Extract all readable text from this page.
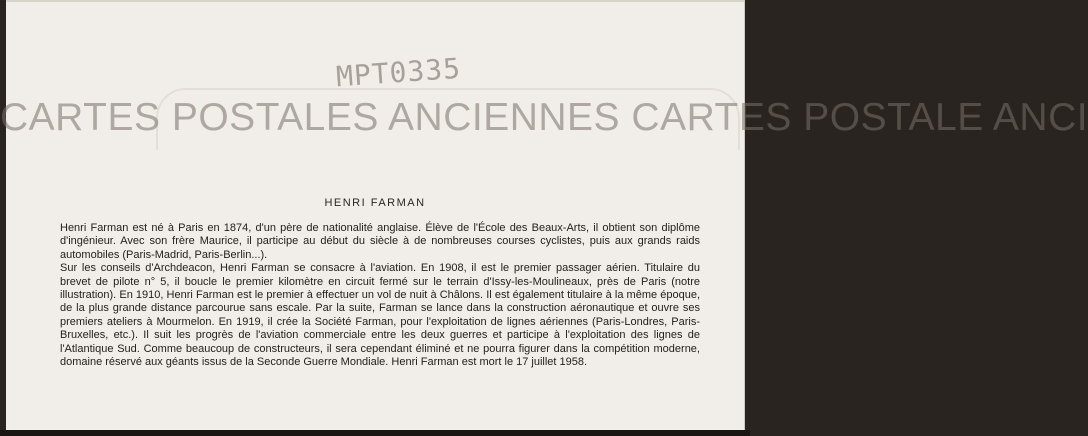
MPT0335
HENRI FARMAN

Henri Farman est né à Paris en 1874, d'un père de nationalité anglaise. Élève de l'École des Beaux-Arts, il obtient son diplôme d'ingénieur. Avec son frère Maurice, il participe au début du siècle à de nombreuses courses cyclistes, puis aux grands raids automobiles (Paris-Madrid, Paris-Berlin...).

Sur les conseils d'Archdeacon, Henri Farman se consacre à l'aviation. En 1908, il est le premier passager aérien. Titulaire du brevet de pilote n° 5, il boucle le premier kilomètre en circuit fermé sur le terrain d'Issy-les-Moulineaux, près de Paris (notre illustration). En 1910, Henri Farman est le premier à effectuer un vol de nuit à Châlons. Il est également titulaire à la même époque, de la plus grande distance parcourue sans escale. Par la suite, Farman se lance dans la construction aéronautique et ouvre ses premiers ateliers à Mourmelon. En 1919, il crée la Société Farman, pour l'exploitation de lignes aériennes (Paris-Londres, Paris-Bruxelles, etc.). Il suit les progrès de l'aviation commerciale entre les deux guerres et participe à l'exploitation des lignes de l'Atlantique Sud. Comme beaucoup de constructeurs, il sera cependant éliminé et ne pourra figurer dans la compétition moderne, domaine réservé aux géants issus de la Seconde Guerre Mondiale. Henri Farman est mort le 17 juillet 1958.

CARTES POSTALES ANCIENNES CARTES POSTALE ANCI
